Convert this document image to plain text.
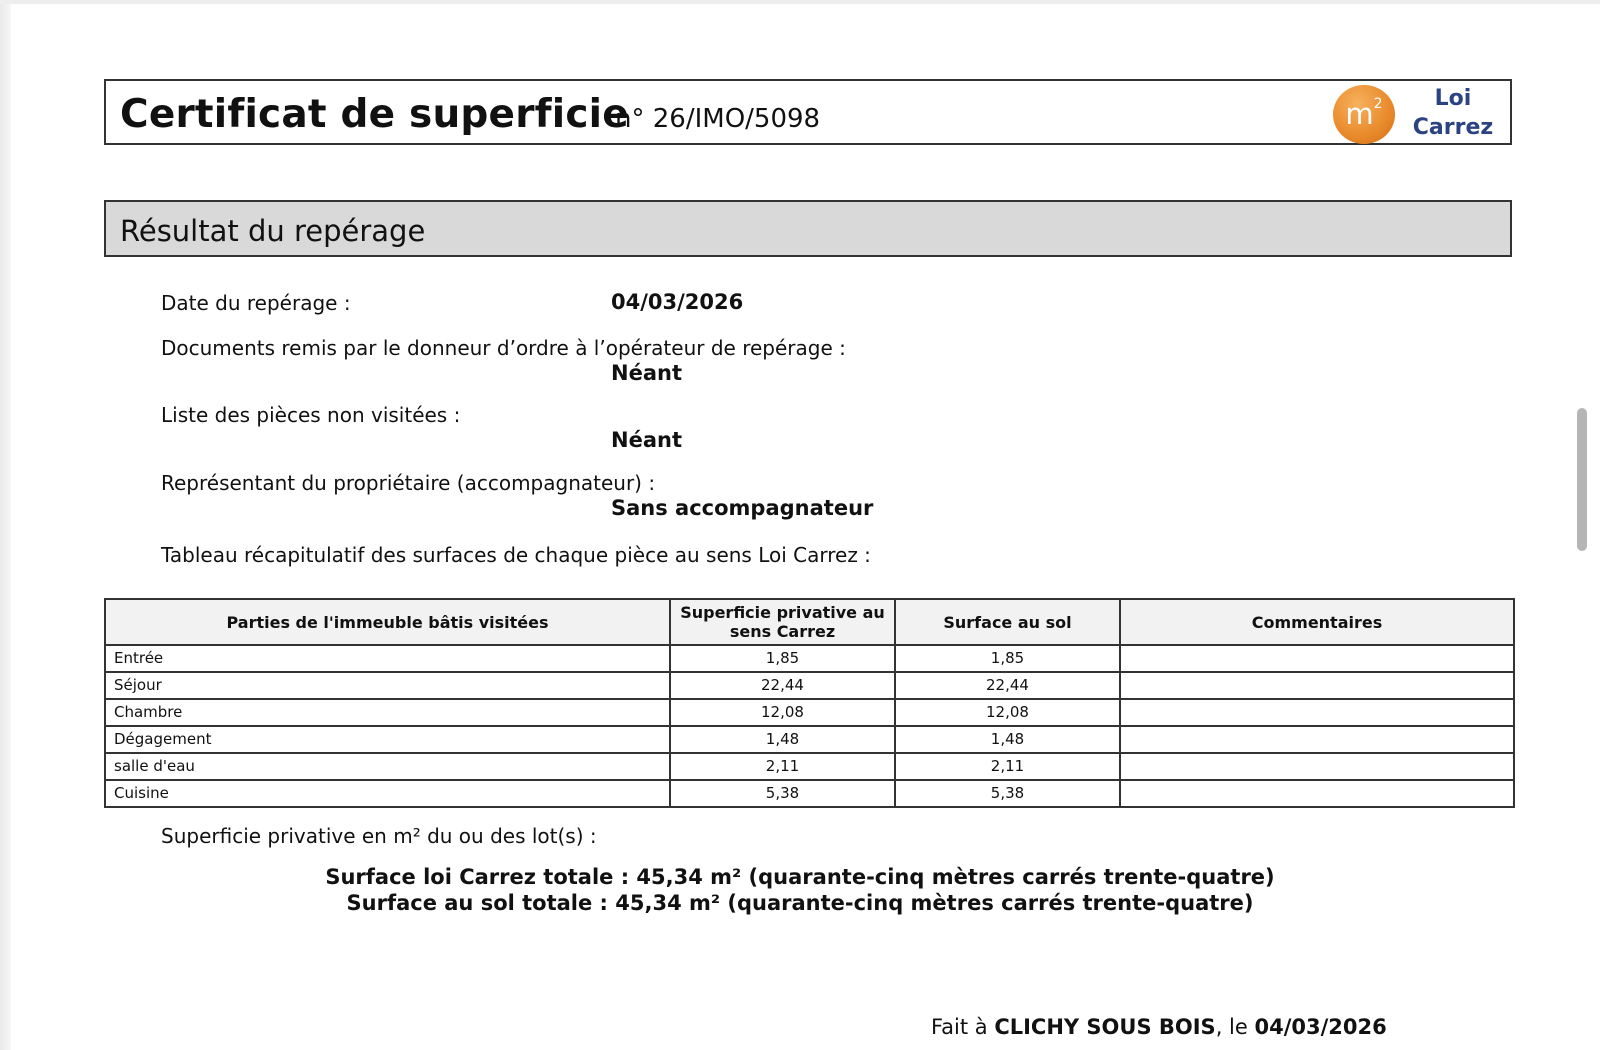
Certificat de superficie
n° 26/IMO/5098	$m^2$	Loi
Carrez
Résultat du repérage
Date du repérage :	04/03/2026
Documents remis par le donneur d’ordre à l’opérateur de repérage :
Néant
Liste des pièces non visitées :
Néant
Représentant du propriétaire (accompagnateur) :
Sans accompagnateur
Tableau récapitulatif des surfaces de chaque pièce au sens Loi Carrez :
Parties de l'immeuble bâtis visitées	Superficie privative au sens Carrez	Surface au sol	Commentaires
Entrée	1,85	1,85	
Séjour	22,44	22,44	
Chambre	12,08	12,08	
Dégagement	1,48	1,48	
salle d'eau	2,11	2,11	
Cuisine	5,38	5,38	
Superficie privative en m² du ou des lot(s) :
Surface loi Carrez totale : 45,34 m² (quarante-cinq mètres carrés trente-quatre)
Surface au sol totale : 45,34 m² (quarante-cinq mètres carrés trente-quatre)
Fait à CLICHY SOUS BOIS, le 04/03/2026
